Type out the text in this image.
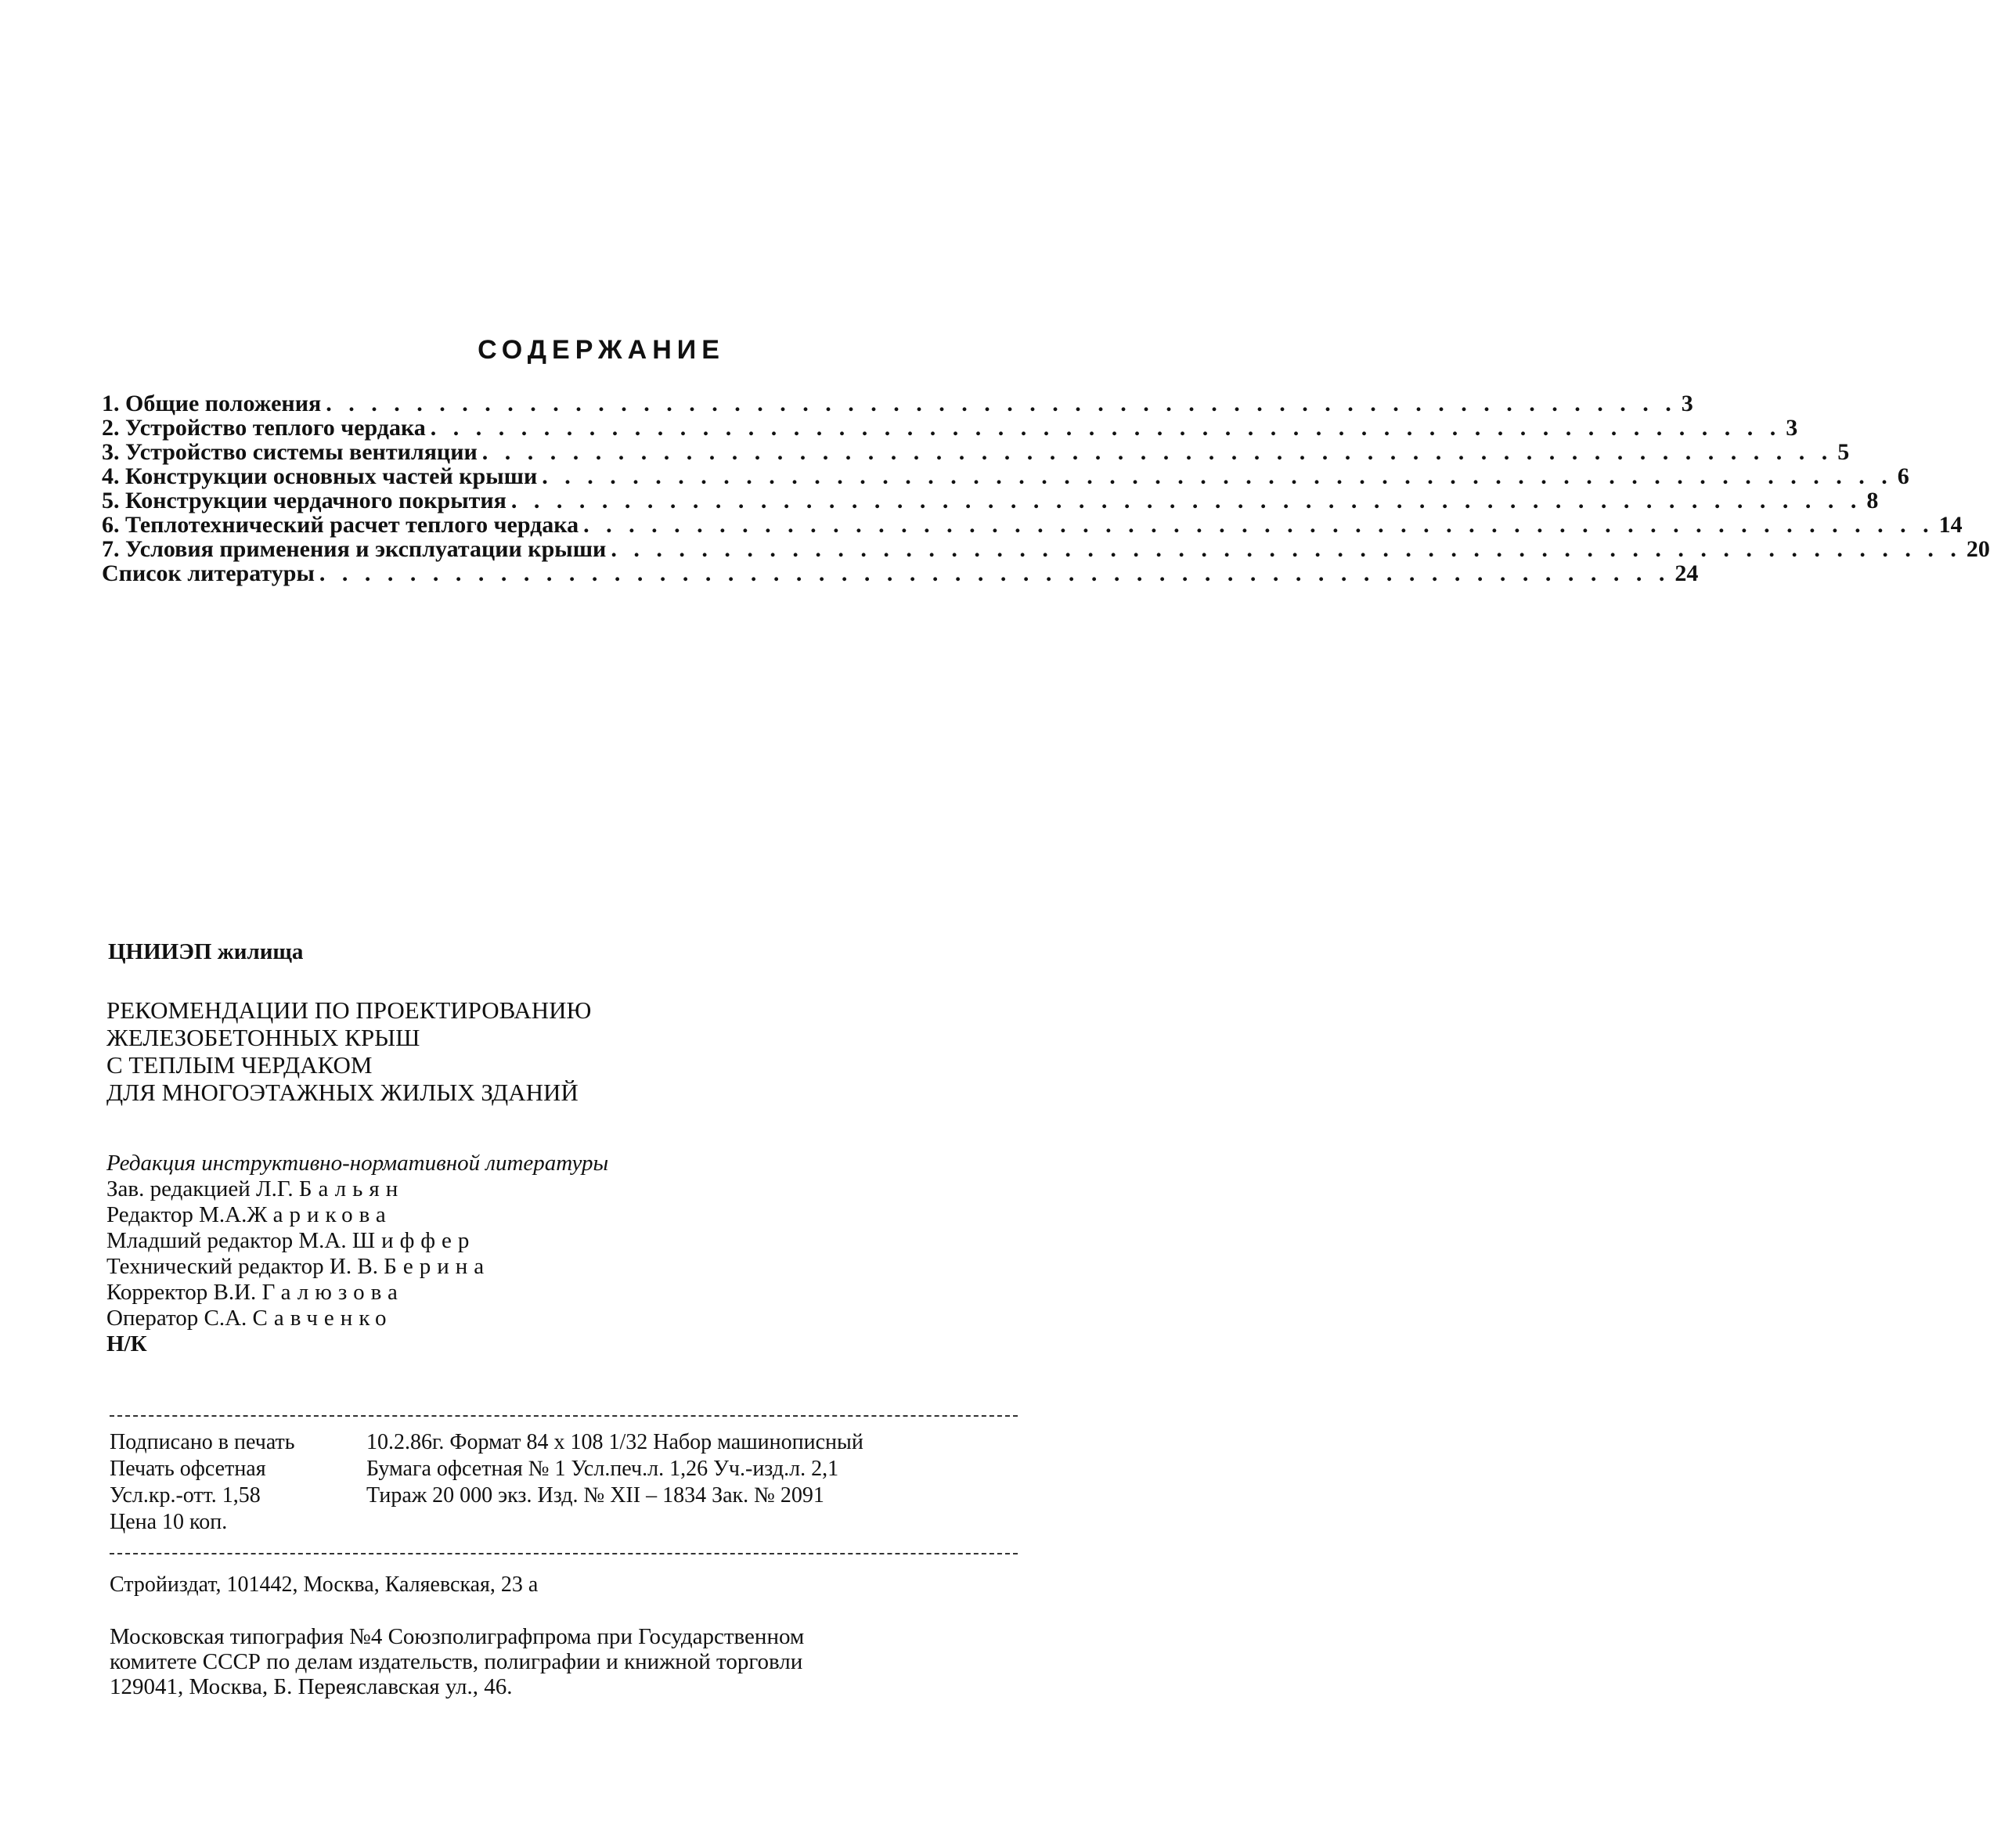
СОДЕРЖАНИЕ
1. Общие положения . . . . . . . . . . . . . . . . . . . . . . . . . . . . . . . . . . . . . . . . . . . . . . . . . . . . . . . . . . . . 3
2. Устройство теплого чердака . . . . . . . . . . . . . . . . . . . . . . . . . . . . . . . . . . . . . . . . . . . . . . . . . . . . . . . . . . . . 3
3. Устройство системы вентиляции . . . . . . . . . . . . . . . . . . . . . . . . . . . . . . . . . . . . . . . . . . . . . . . . . . . . . . . . . . . . 5
4. Конструкции основных частей крыши . . . . . . . . . . . . . . . . . . . . . . . . . . . . . . . . . . . . . . . . . . . . . . . . . . . . . . . . . . . . 6
5. Конструкции чердачного покрытия . . . . . . . . . . . . . . . . . . . . . . . . . . . . . . . . . . . . . . . . . . . . . . . . . . . . . . . . . . . . 8
6. Теплотехнический расчет теплого чердака . . . . . . . . . . . . . . . . . . . . . . . . . . . . . . . . . . . . . . . . . . . . . . . . . . . . . . . . . . . . 14
7. Условия применения и эксплуатации крыши . . . . . . . . . . . . . . . . . . . . . . . . . . . . . . . . . . . . . . . . . . . . . . . . . . . . . . . . . . . . 20
Список литературы . . . . . . . . . . . . . . . . . . . . . . . . . . . . . . . . . . . . . . . . . . . . . . . . . . . . . . . . . . . . 24
ЦНИИЭП жилища
РЕКОМЕНДАЦИИ ПО ПРОЕКТИРОВАНИЮ
ЖЕЛЕЗОБЕТОННЫХ КРЫШ
С ТЕПЛЫМ ЧЕРДАКОМ
ДЛЯ МНОГОЭТАЖНЫХ ЖИЛЫХ ЗДАНИЙ
Редакция инструктивно-нормативной литературы
Зав. редакцией Л.Г. Бальян
Редактор М.А.Жарикова
Младший редактор М.А. Шиффер
Технический редактор И. В. Берина
Корректор В.И. Галюзова
Оператор С.А. Савченко
Н/К
Подписано в печать	10.2.86г. Формат 84 х 108 1/32 Набор машинописный
Печать офсетная	Бумага офсетная № 1 Усл.печ.л. 1,26 Уч.-изд.л. 2,1
Усл.кр.-отт. 1,58	Тираж 20 000 экз. Изд. № XII – 1834 Зак. № 2091
Цена 10 коп.
Стройиздат, 101442, Москва, Каляевская, 23 а
Московская типография №4 Союзполиграфпрома при Государственном
комитете СССР по делам издательств, полиграфии и книжной торговли
129041, Москва, Б. Переяславская ул., 46.
